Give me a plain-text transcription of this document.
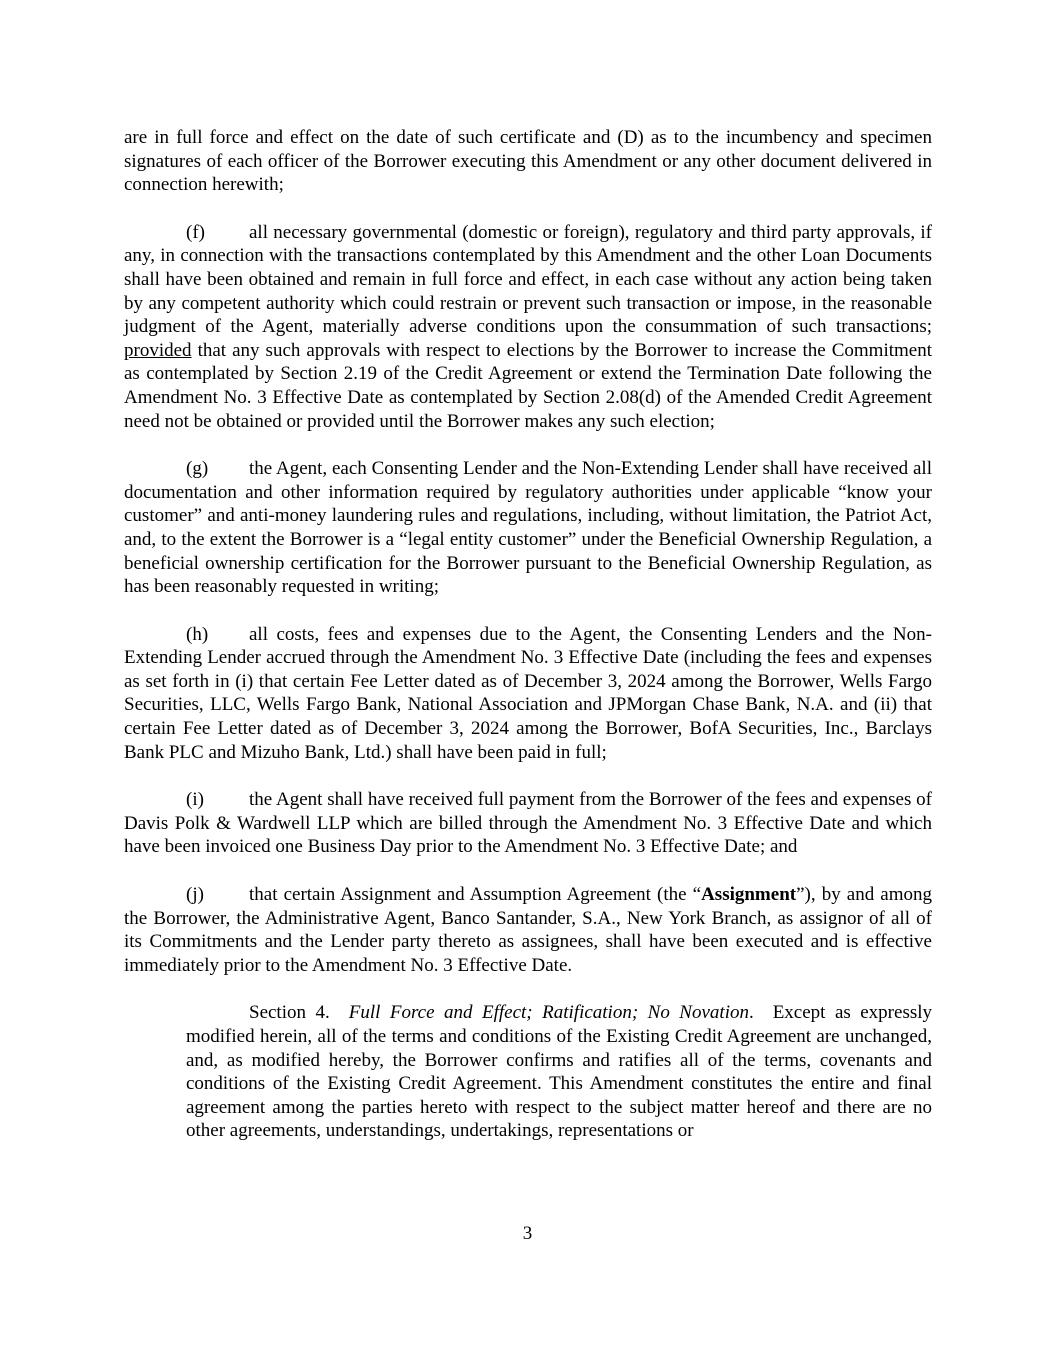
are in full force and effect on the date of such certificate and (D) as to the incumbency and specimen signatures of each officer of the Borrower executing this Amendment or any other document delivered in connection herewith;

(f) all necessary governmental (domestic or foreign), regulatory and third party approvals, if any, in connection with the transactions contemplated by this Amendment and the other Loan Documents shall have been obtained and remain in full force and effect, in each case without any action being taken by any competent authority which could restrain or prevent such transaction or impose, in the reasonable judgment of the Agent, materially adverse conditions upon the consummation of such transactions; provided that any such approvals with respect to elections by the Borrower to increase the Commitment as contemplated by Section 2.19 of the Credit Agreement or extend the Termination Date following the Amendment No. 3 Effective Date as contemplated by Section 2.08(d) of the Amended Credit Agreement need not be obtained or provided until the Borrower makes any such election;

(g) the Agent, each Consenting Lender and the Non-Extending Lender shall have received all documentation and other information required by regulatory authorities under applicable “know your customer” and anti-money laundering rules and regulations, including, without limitation, the Patriot Act, and, to the extent the Borrower is a “legal entity customer” under the Beneficial Ownership Regulation, a beneficial ownership certification for the Borrower pursuant to the Beneficial Ownership Regulation, as has been reasonably requested in writing;

(h) all costs, fees and expenses due to the Agent, the Consenting Lenders and the Non-Extending Lender accrued through the Amendment No. 3 Effective Date (including the fees and expenses as set forth in (i) that certain Fee Letter dated as of December 3, 2024 among the Borrower, Wells Fargo Securities, LLC, Wells Fargo Bank, National Association and JPMorgan Chase Bank, N.A. and (ii) that certain Fee Letter dated as of December 3, 2024 among the Borrower, BofA Securities, Inc., Barclays Bank PLC and Mizuho Bank, Ltd.) shall have been paid in full;

(i) the Agent shall have received full payment from the Borrower of the fees and expenses of Davis Polk & Wardwell LLP which are billed through the Amendment No. 3 Effective Date and which have been invoiced one Business Day prior to the Amendment No. 3 Effective Date; and

(j) that certain Assignment and Assumption Agreement (the “Assignment”), by and among the Borrower, the Administrative Agent, Banco Santander, S.A., New York Branch, as assignor of all of its Commitments and the Lender party thereto as assignees, shall have been executed and is effective immediately prior to the Amendment No. 3 Effective Date.

Section 4. Full Force and Effect; Ratification; No Novation. Except as expressly modified herein, all of the terms and conditions of the Existing Credit Agreement are unchanged, and, as modified hereby, the Borrower confirms and ratifies all of the terms, covenants and conditions of the Existing Credit Agreement. This Amendment constitutes the entire and final agreement among the parties hereto with respect to the subject matter hereof and there are no other agreements, understandings, undertakings, representations or

3
